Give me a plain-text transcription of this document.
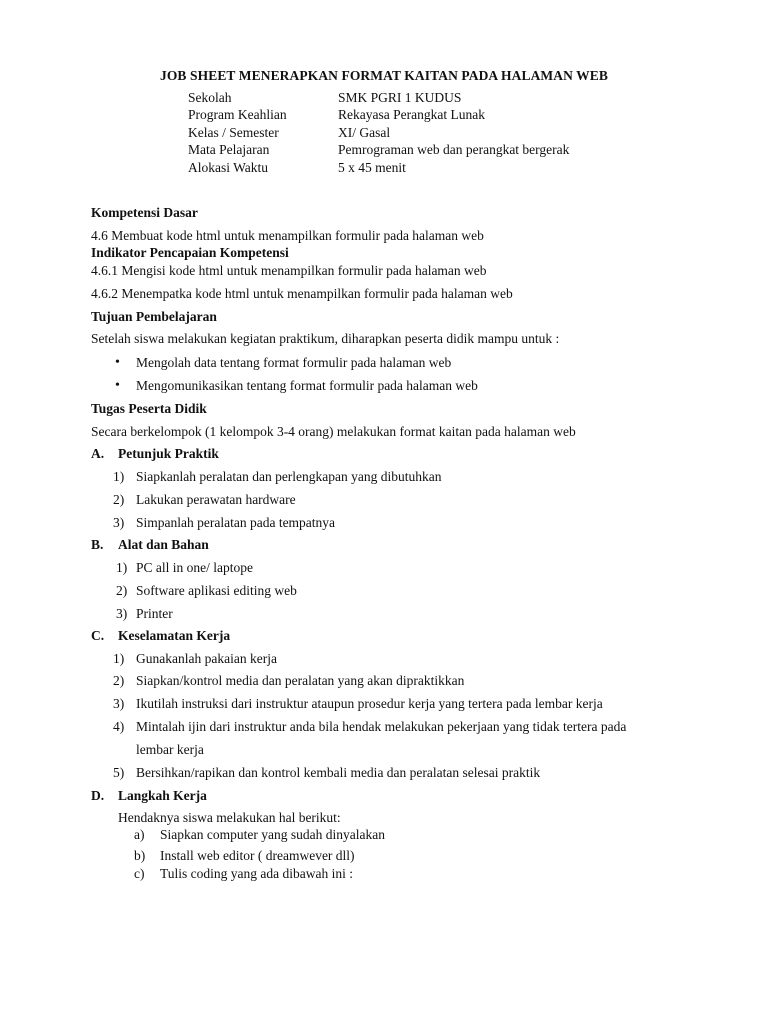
JOB SHEET MENERAPKAN FORMAT KAITAN PADA HALAMAN WEB
Sekolah	SMK PGRI 1 KUDUS
Program Keahlian	Rekayasa Perangkat Lunak
Kelas / Semester	XI/ Gasal
Mata Pelajaran	Pemrograman web dan perangkat bergerak
Alokasi Waktu	5 x 45 menit
Kompetensi Dasar
4.6 Membuat kode html untuk menampilkan formulir pada halaman web
Indikator Pencapaian Kompetensi
4.6.1 Mengisi kode html untuk menampilkan formulir pada halaman web
4.6.2 Menempatka kode html untuk menampilkan formulir pada halaman web
Tujuan Pembelajaran
Setelah siswa melakukan kegiatan praktikum, diharapkan peserta didik mampu untuk :
• Mengolah data tentang format formulir pada halaman web
• Mengomunikasikan tentang format formulir pada halaman web
Tugas Peserta Didik
Secara berkelompok (1 kelompok 3-4 orang) melakukan format kaitan pada halaman web
A. Petunjuk Praktik
1) Siapkanlah peralatan dan perlengkapan yang dibutuhkan
2) Lakukan perawatan hardware
3) Simpanlah peralatan pada tempatnya
B. Alat dan Bahan
1) PC all in one/ laptope
2) Software aplikasi editing web
3) Printer
C. Keselamatan Kerja
1) Gunakanlah pakaian kerja
2) Siapkan/kontrol media dan peralatan yang akan dipraktikkan
3) Ikutilah instruksi dari instruktur ataupun prosedur kerja yang tertera pada lembar kerja
4) Mintalah ijin dari instruktur anda bila hendak melakukan pekerjaan yang tidak tertera pada
lembar kerja
5) Bersihkan/rapikan dan kontrol kembali media dan peralatan selesai praktik
D. Langkah Kerja
Hendaknya siswa melakukan hal berikut:
a) Siapkan computer yang sudah dinyalakan
b) Install web editor ( dreamwever dll)
c) Tulis coding yang ada dibawah ini :
